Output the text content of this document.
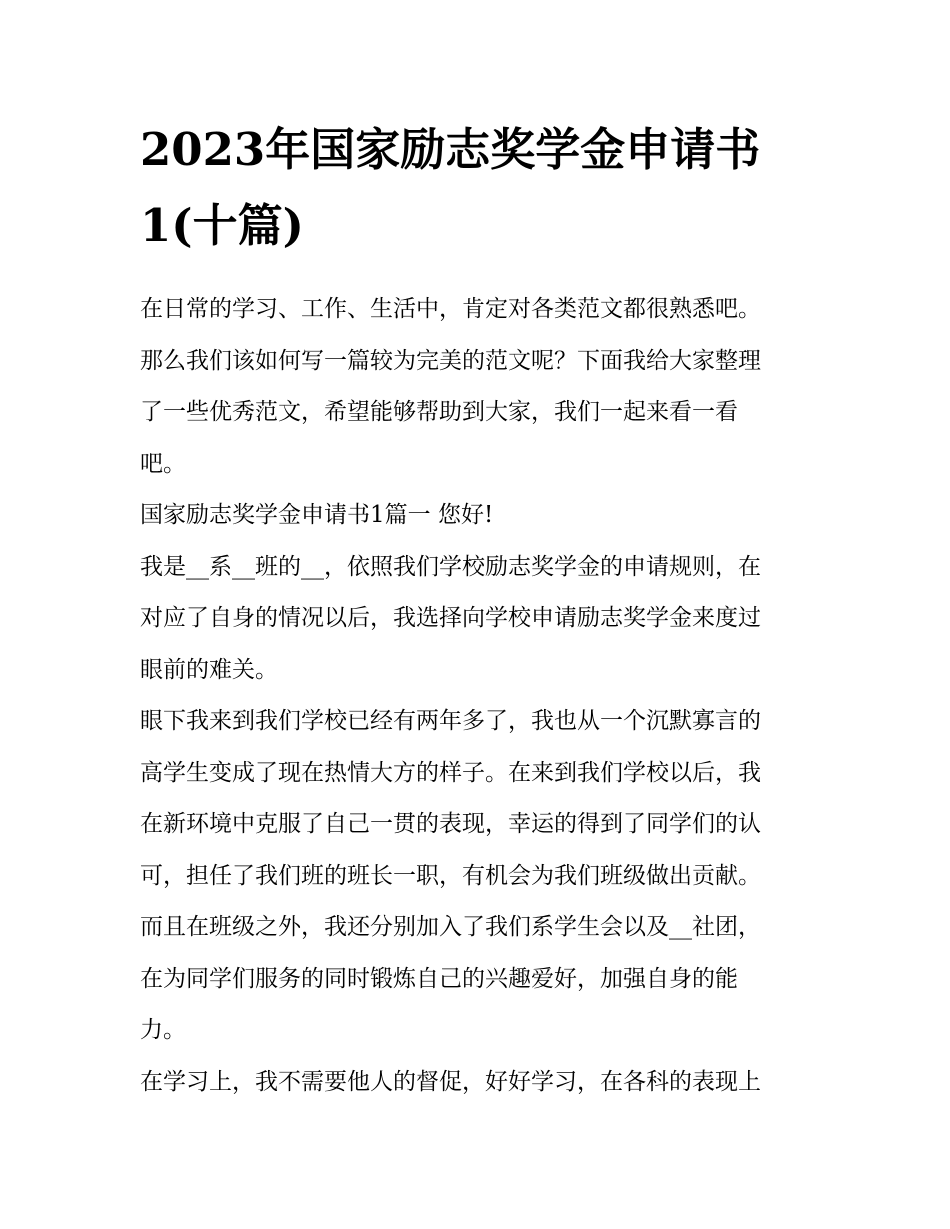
2023年国家励志奖学金申请书
1(十篇)

在日常的学习、工作、生活中，肯定对各类范文都很熟悉吧。
那么我们该如何写一篇较为完美的范文呢？下面我给大家整理
了一些优秀范文，希望能够帮助到大家，我们一起来看一看
吧。

国家励志奖学金申请书1篇一 您好!

我是__系__班的__，依照我们学校励志奖学金的申请规则，在
对应了自身的情况以后，我选择向学校申请励志奖学金来度过
眼前的难关。

眼下我来到我们学校已经有两年多了，我也从一个沉默寡言的
高学生变成了现在热情大方的样子。在来到我们学校以后，我
在新环境中克服了自己一贯的表现，幸运的得到了同学们的认
可，担任了我们班的班长一职，有机会为我们班级做出贡献。
而且在班级之外，我还分别加入了我们系学生会以及__社团，
在为同学们服务的同时锻炼自己的兴趣爱好，加强自身的能
力。

在学习上，我不需要他人的督促，好好学习，在各科的表现上
